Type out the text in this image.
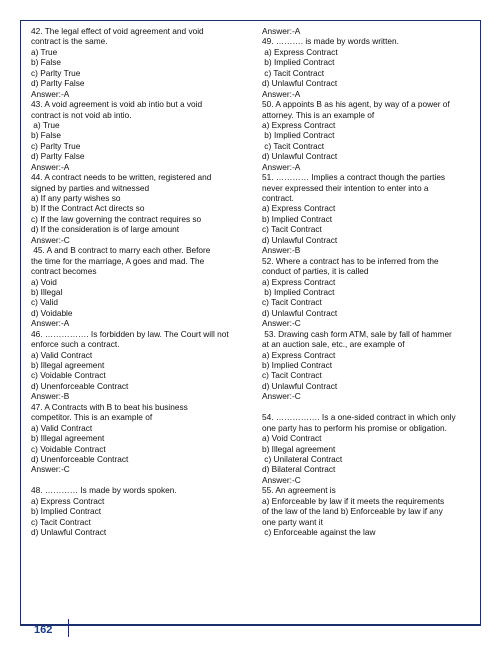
42. The legal effect of void agreement and void
contract is the same.
a) True
b) False
c) Parlty True
d) Parlty False
Answer:-A
43. A void agreement is void ab intio but a void
contract is not void ab intio.
a) True
b) False
c) Parlty True
d) Parlty False
Answer:-A
44. A contract needs to be written, registered and
signed by parties and witnessed
a) If any party wishes so
b) If the Contract Act directs so
c) If the law governing the contract requires so
d) If the consideration is of large amount
Answer:-C
45. A and B contract to marry each other. Before
the time for the marriage, A goes and mad. The
contract becomes
a) Void
b) Illegal
c) Valid
d) Voidable
Answer:-A
46. ……………. Is forbidden by law. The Court will not
enforce such a contract.
a) Valid Contract
b) Illegal agreement
c) Voidable Contract
d) Unenforceable Contract
Answer:-B
47. A Contracts with B to beat his business
competitor. This is an example of
a) Valid Contract
b) Illegal agreement
c) Voidable Contract
d) Unenforceable Contract
Answer:-C
48. ………… Is made by words spoken.
a) Express Contract
b) Implied Contract
c) Tacit Contract
d) Unlawful Contract
Answer:-A
49. ………. is made by words written.
a) Express Contract
b) Implied Contract
c) Tacit Contract
d) Unlawful Contract
Answer:-A
50. A appoints B as his agent, by way of a power of
attorney. This is an example of
a) Express Contract
b) Implied Contract
c) Tacit Contract
d) Unlawful Contract
Answer:-A
51. ………… Implies a contract though the parties
never expressed their intention to enter into a
contract.
a) Express Contract
b) Implied Contract
c) Tacit Contract
d) Unlawful Contract
Answer:-B
52. Where a contract has to be inferred from the
conduct of parties, it is called
a) Express Contract
b) Implied Contract
c) Tacit Contract
d) Unlawful Contract
Answer:-C
53. Drawing cash form ATM, sale by fall of hammer
at an auction sale, etc., are example of
a) Express Contract
b) Implied Contract
c) Tacit Contract
d) Unlawful Contract
Answer:-C
54. ……………. Is a one-sided contract in which only
one party has to perform his promise or obligation.
a) Void Contract
b) Illegal agreement
c) Unilateral Contract
d) Bilateral Contract
Answer:-C
55. An agreement is
a) Enforceable by law if it meets the requirements
of the law of the land b) Enforceable by law if any
one party want it
c) Enforceable against the law
162
